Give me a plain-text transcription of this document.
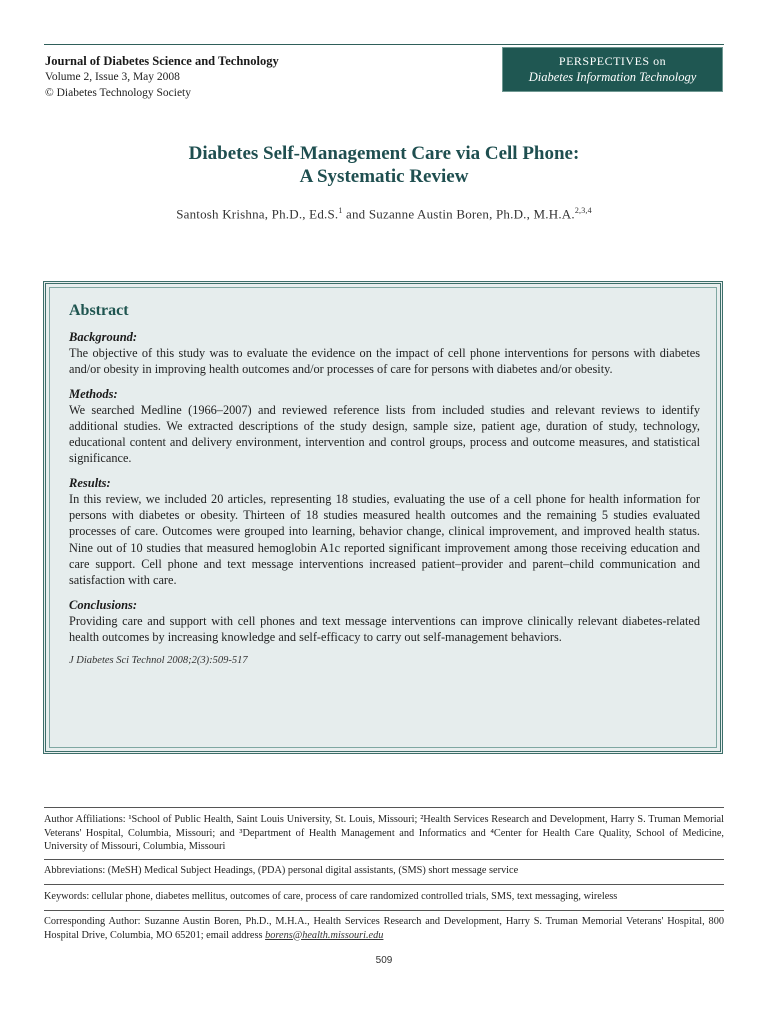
Journal of Diabetes Science and Technology
Volume 2, Issue 3, May 2008
© Diabetes Technology Society
PERSPECTIVES on
Diabetes Information Technology
Diabetes Self-Management Care via Cell Phone:
A Systematic Review
Santosh Krishna, Ph.D., Ed.S.$^1$ and Suzanne Austin Boren, Ph.D., M.H.A.$^{2,3,4}$
Abstract
Background:

The objective of this study was to evaluate the evidence on the impact of cell phone interventions for persons with diabetes and/or obesity in improving health outcomes and/or processes of care for persons with diabetes and/or obesity.

Methods:

We searched Medline (1966–2007) and reviewed reference lists from included studies and relevant reviews to identify additional studies. We extracted descriptions of the study design, sample size, patient age, duration of study, technology, educational content and delivery environment, intervention and control groups, process and outcome measures, and statistical significance.

Results:

In this review, we included 20 articles, representing 18 studies, evaluating the use of a cell phone for health information for persons with diabetes or obesity. Thirteen of 18 studies measured health outcomes and the remaining 5 studies evaluated processes of care. Outcomes were grouped into learning, behavior change, clinical improvement, and improved health status. Nine out of 10 studies that measured hemoglobin A1c reported significant improvement among those receiving education and care support. Cell phone and text message interventions increased patient–provider and parent–child communication and satisfaction with care.

Conclusions:

Providing care and support with cell phones and text message interventions can improve clinically relevant diabetes-related health outcomes by increasing knowledge and self-efficacy to carry out self-management behaviors.

J Diabetes Sci Technol 2008;2(3):509-517
Author Affiliations: ¹School of Public Health, Saint Louis University, St. Louis, Missouri; ²Health Services Research and Development, Harry S. Truman Memorial Veterans' Hospital, Columbia, Missouri; and ³Department of Health Management and Informatics and ⁴Center for Health Care Quality, School of Medicine, University of Missouri, Columbia, Missouri
Abbreviations: (MeSH) Medical Subject Headings, (PDA) personal digital assistants, (SMS) short message service
Keywords: cellular phone, diabetes mellitus, outcomes of care, process of care randomized controlled trials, SMS, text messaging, wireless
Corresponding Author: Suzanne Austin Boren, Ph.D., M.H.A., Health Services Research and Development, Harry S. Truman Memorial Veterans' Hospital, 800 Hospital Drive, Columbia, MO 65201; email address borens@health.missouri.edu
509
